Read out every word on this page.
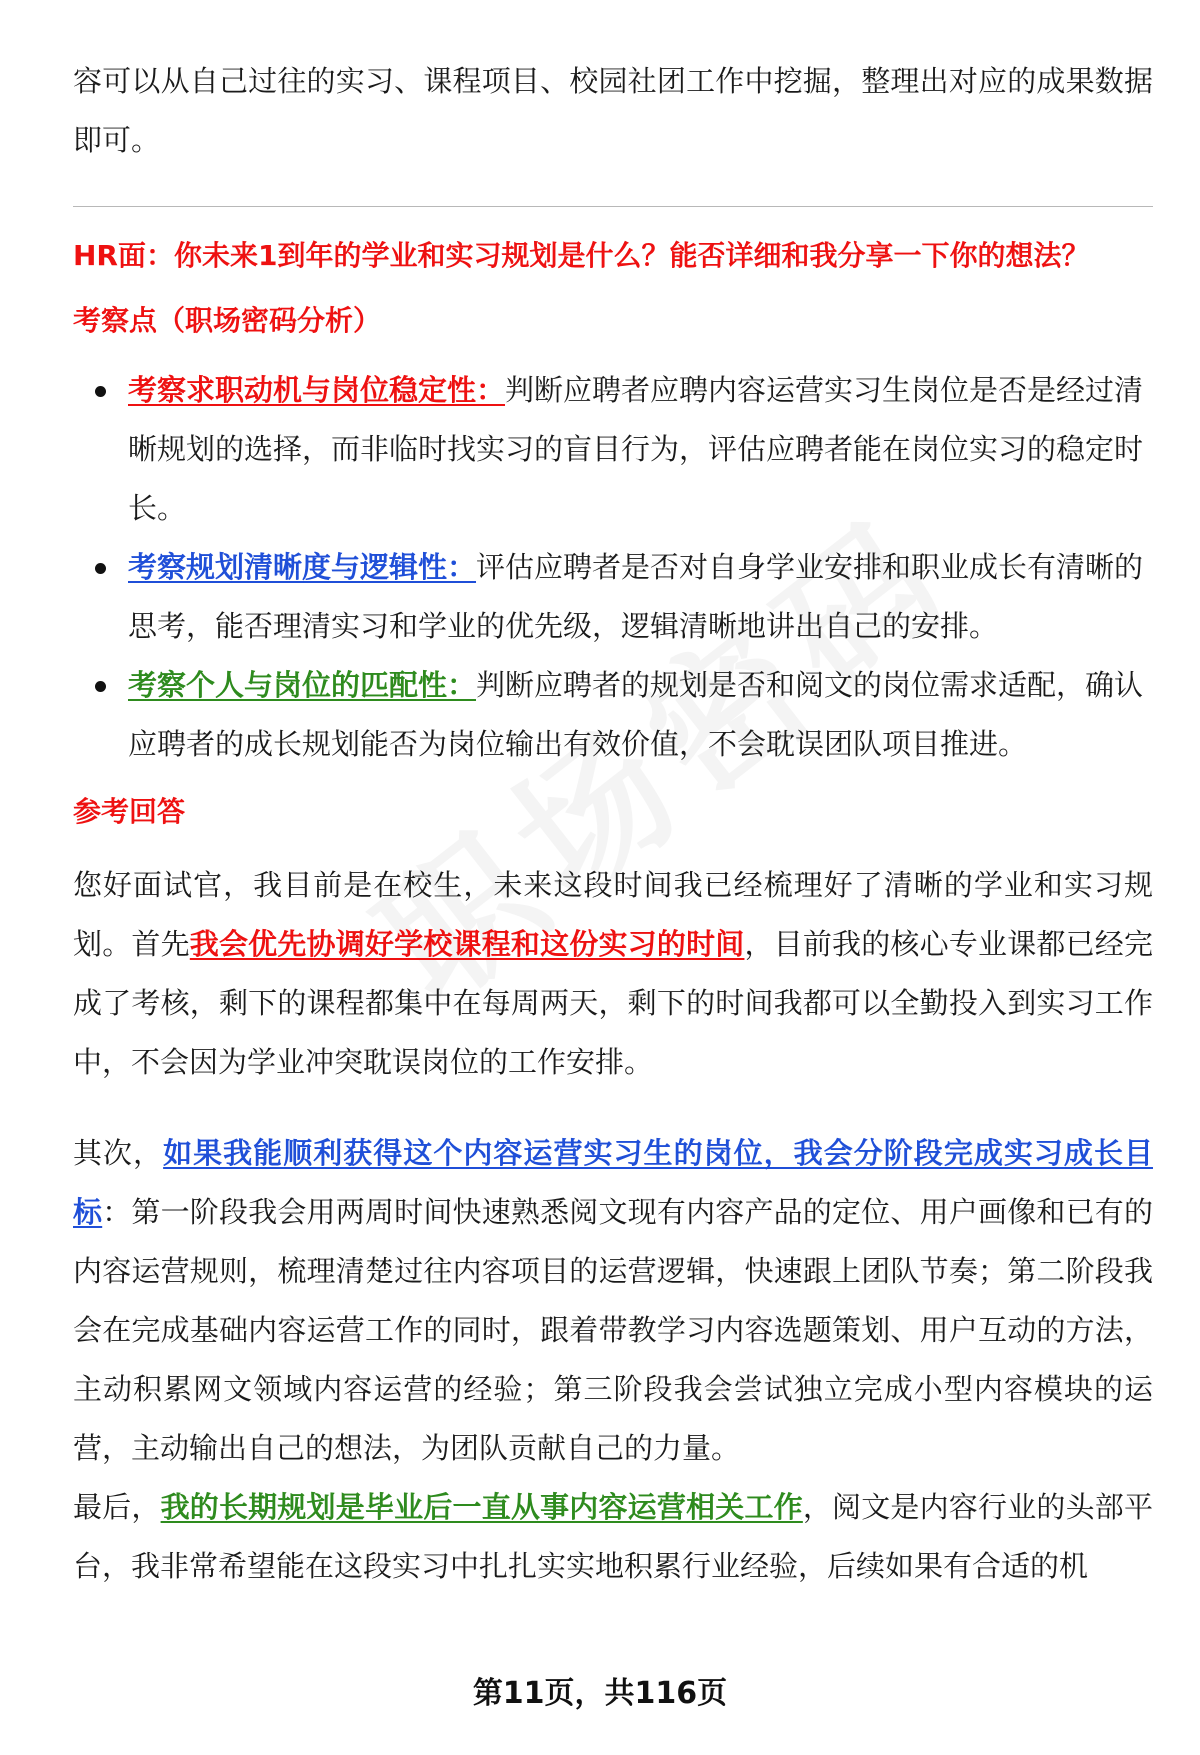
容可以从自己过往的实习、课程项目、校园社团工作中挖掘，整理出对应的成果数据即可。

HR面：你未来1到年的学业和实习规划是什么？能否详细和我分享一下你的想法？
考察点（职场密码分析）
考察求职动机与岗位稳定性：判断应聘者应聘内容运营实习生岗位是否是经过清晰规划的选择，而非临时找实习的盲目行为，评估应聘者能在岗位实习的稳定时长。
考察规划清晰度与逻辑性：评估应聘者是否对自身学业安排和职业成长有清晰的思考，能否理清实习和学业的优先级，逻辑清晰地讲出自己的安排。
考察个人与岗位的匹配性：判断应聘者的规划是否和阅文的岗位需求适配，确认应聘者的成长规划能否为岗位输出有效价值，不会耽误团队项目推进。
参考回答

您好面试官，我目前是在校生，未来这段时间我已经梳理好了清晰的学业和实习规划。首先我会优先协调好学校课程和这份实习的时间，目前我的核心专业课都已经完成了考核，剩下的课程都集中在每周两天，剩下的时间我都可以全勤投入到实习工作中，不会因为学业冲突耽误岗位的工作安排。

其次，如果我能顺利获得这个内容运营实习生的岗位，我会分阶段完成实习成长目标：第一阶段我会用两周时间快速熟悉阅文现有内容产品的定位、用户画像和已有的内容运营规则，梳理清楚过往内容项目的运营逻辑，快速跟上团队节奏；第二阶段我会在完成基础内容运营工作的同时，跟着带教学习内容选题策划、用户互动的方法，主动积累网文领域内容运营的经验；第三阶段我会尝试独立完成小型内容模块的运营，主动输出自己的想法，为团队贡献自己的力量。

最后，我的长期规划是毕业后一直从事内容运营相关工作，阅文是内容行业的头部平台，我非常希望能在这段实习中扎扎实实地积累行业经验，后续如果有合适的机

第11页，共116页
